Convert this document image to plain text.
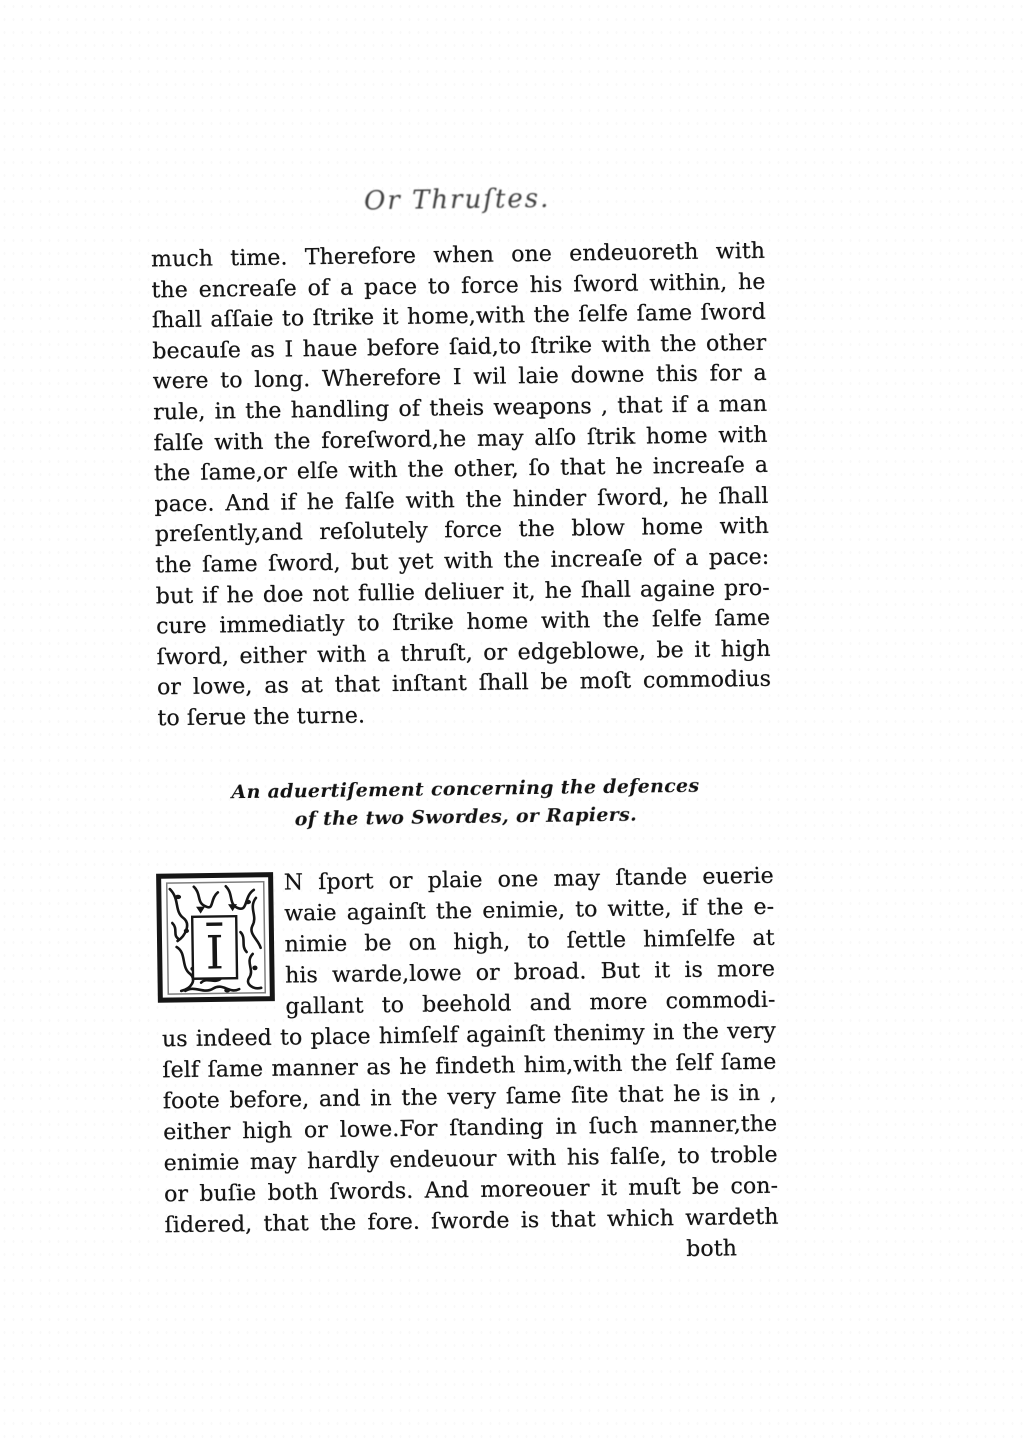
Or Thruſtes.
much time. Therefore when one endeuoreth with
the encreaſe of a pace to force his ſword within, he
ſhall aſſaie to ſtrike it home,with the ſelfe ſame ſword
becauſe as I haue before ſaid,to ſtrike with the other
were to long. Wherefore I wil laie downe this for a
rule, in the handling of theis weapons , that if a man
falſe with the foreſword,he may alſo ſtrik home with
the ſame,or elſe with the other, ſo that he increaſe a
pace. And if he falſe with the hinder ſword, he ſhall
preſently,and reſolutely force the blow home with
the ſame ſword, but yet with the increaſe of a pace:
but if he doe not fullie deliuer it, he ſhall againe pro-
cure immediatly to ſtrike home with the ſelfe ſame
ſword, either with a thruſt, or edgeblowe, be it high
or lowe, as at that inſtant ſhall be moſt commodius
to ſerue the turne.
An aduertiſement concerning the defences
of the two Swordes, or Rapiers.
I
N ſport or plaie one may ſtande euerie
waie againſt the enimie, to witte, if the e-
nimie be on high, to ſettle himſelfe at
his warde,lowe or broad. But it is more
gallant to beehold and more commodi-
us indeed to place himſelf againſt thenimy in the very
ſelf ſame manner as he findeth him,with the ſelf ſame
foote before, and in the very ſame ſite that he is in ,
either high or lowe.For ſtanding in ſuch manner,the
enimie may hardly endeuour with his falſe, to troble
or buſie both ſwords. And moreouer it muſt be con-
ſidered, that the fore. ſworde is that which wardeth
both
